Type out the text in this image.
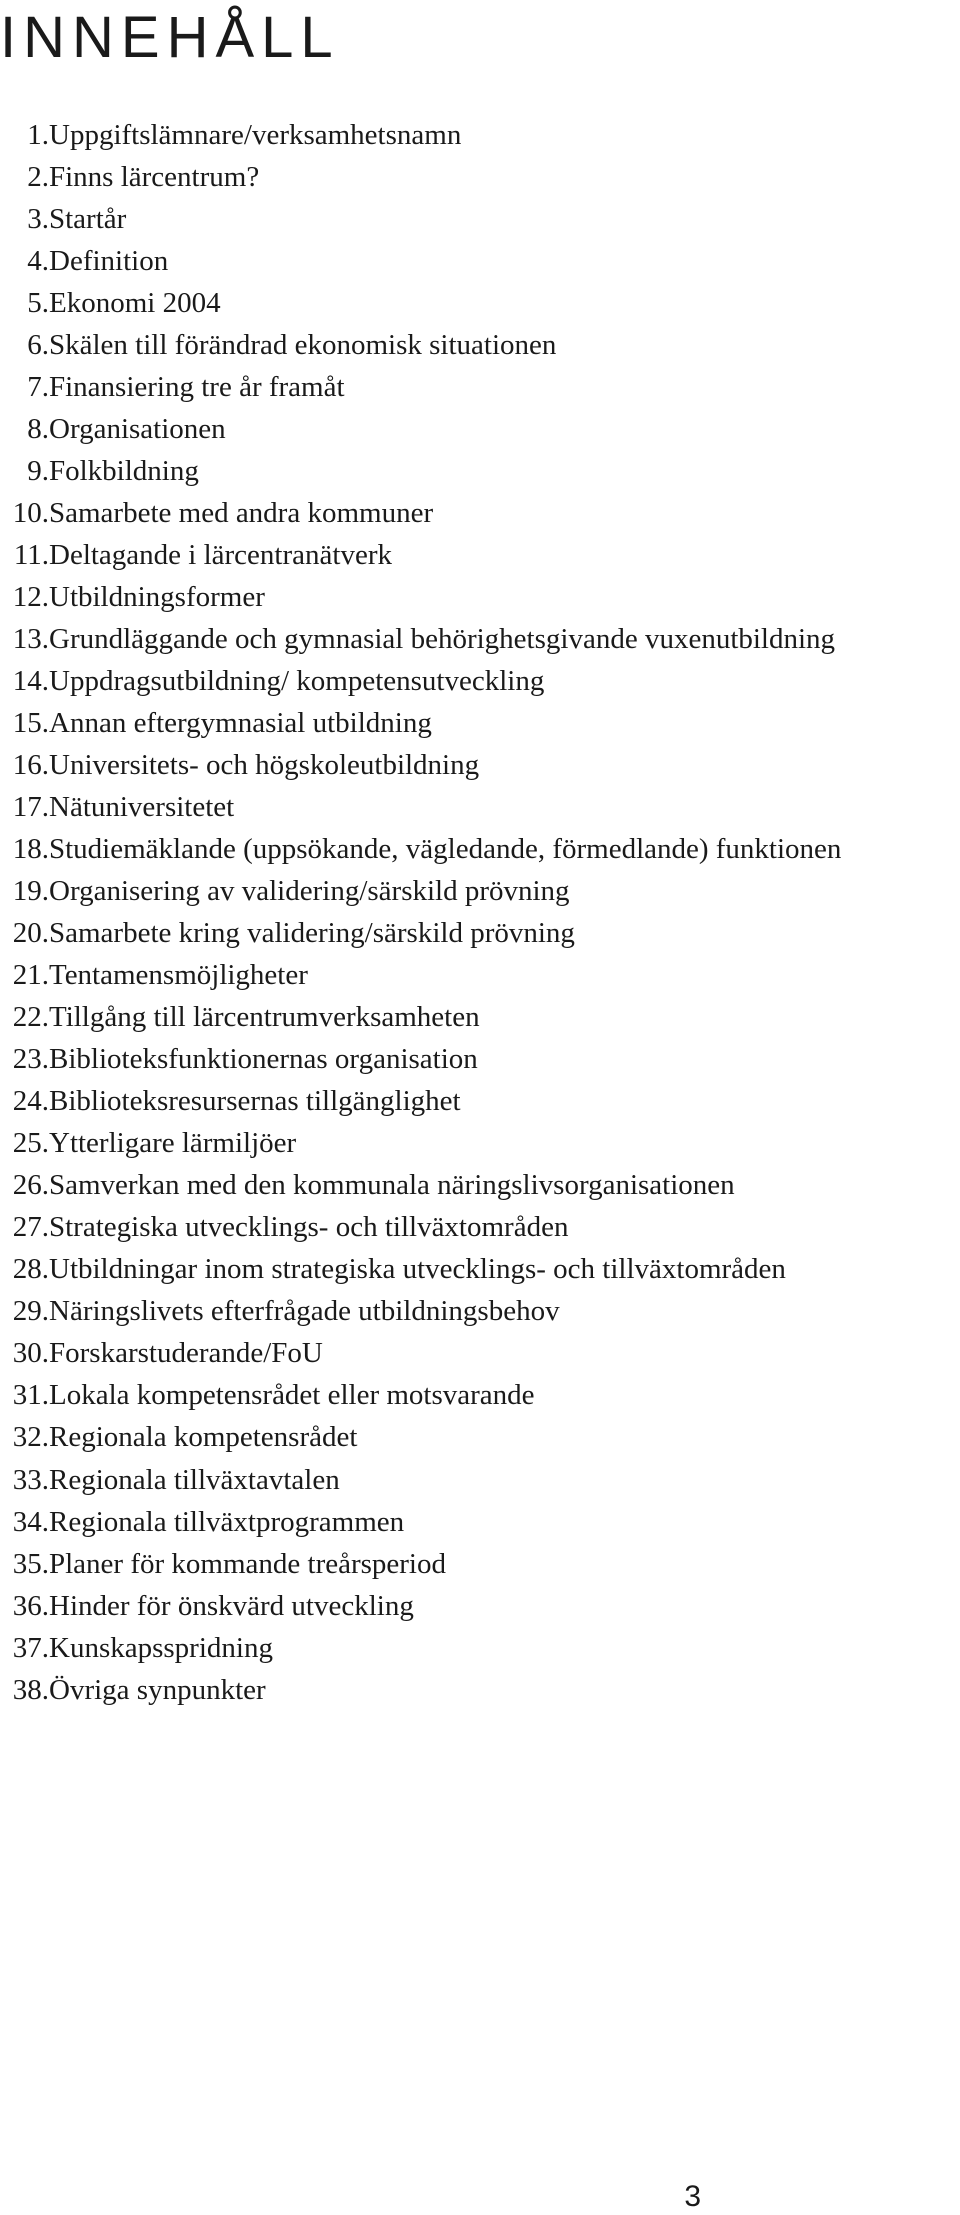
INNEHÅLL
1. Uppgiftslämnare/verksamhetsnamn
2. Finns lärcentrum?
3. Startår
4. Definition
5. Ekonomi 2004
6. Skälen till förändrad ekonomisk situationen
7. Finansiering tre år framåt
8. Organisationen
9. Folkbildning
10. Samarbete med andra kommuner
11. Deltagande i lärcentranätverk
12. Utbildningsformer
13. Grundläggande och gymnasial behörighetsgivande vuxenutbildning
14. Uppdragsutbildning/ kompetensutveckling
15. Annan eftergymnasial utbildning
16. Universitets- och högskoleutbildning
17. Nätuniversitetet
18. Studiemäklande (uppsökande, vägledande, förmedlande) funktionen
19. Organisering av validering/särskild prövning
20. Samarbete kring validering/särskild prövning
21. Tentamensmöjligheter
22. Tillgång till lärcentrumverksamheten
23. Biblioteksfunktionernas organisation
24. Biblioteksresursernas tillgänglighet
25. Ytterligare lärmiljöer
26. Samverkan med den kommunala näringslivsorganisationen
27. Strategiska utvecklings- och tillväxtområden
28. Utbildningar inom strategiska utvecklings- och tillväxtområden
29. Näringslivets efterfrågade utbildningsbehov
30. Forskarstuderande/FoU
31. Lokala kompetensrådet eller motsvarande
32. Regionala kompetensrådet
33. Regionala tillväxtavtalen
34. Regionala tillväxtprogrammen
35. Planer för kommande treårsperiod
36. Hinder för önskvärd utveckling
37. Kunskapsspridning
38. Övriga synpunkter
3
